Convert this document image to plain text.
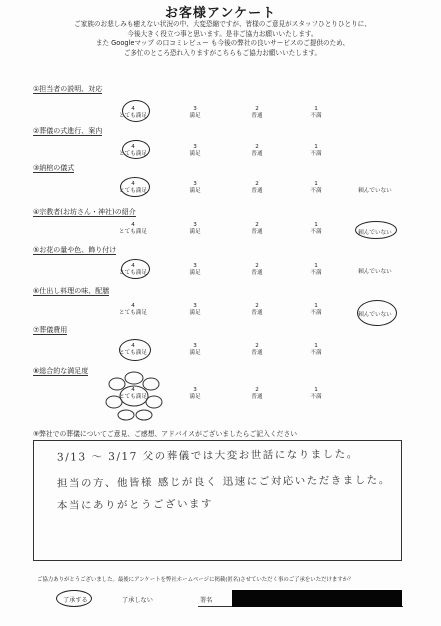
お客様アンケート
ご家族のお悲しみも癒えない状況の中、大変恐縮ですが、皆様のご意見がスタッフひとりひとりに、
今後大きく役立つ事と思います。是非ご協力お願いいたします。
また Googleマップ の口コミレビュー も今後の弊社の良いサービスのご提供のため、
ご多忙のところ恐れ入りますがこちらもご協力お願いいたします。
①担当者の説明、対応
4
とても満足
3
満足
2
普通
1
不満
②葬儀の式進行、案内
4
とても満足
3
満足
2
普通
1
不満
③納棺の儀式
4
とても満足
3
満足
2
普通
1
不満	頼んでいない
④宗教者(お坊さん・神社)の紹介
4
とても満足
3
満足
2
普通
1
不満	頼んでいない
⑤お花の量や色、飾り付け
4
とても満足
3
満足
2
普通
1
不満	頼んでいない
⑥仕出し料理の味、配膳
4
とても満足
3
満足
2
普通
1
不満	頼んでいない
⑦葬儀費用
4
とても満足
3
満足
2
普通
1
不満
⑧総合的な満足度
4
とても満足
3
満足
2
普通
1
不満
⑨弊社での葬儀についてご意見、ご感想、アドバイスがございましたらご記入ください
3/13 〜 3/17 父の葬儀では大変お世話になりました。
担当の方、他皆様 感じが良く 迅速にご対応いただきました。
本当にありがとうございます
ご協力ありがとうございました。最後にアンケートを弊社ホームページに掲載(匿名)させていただく事のご了承をいただけますか？
了承する	了承しない	署名
